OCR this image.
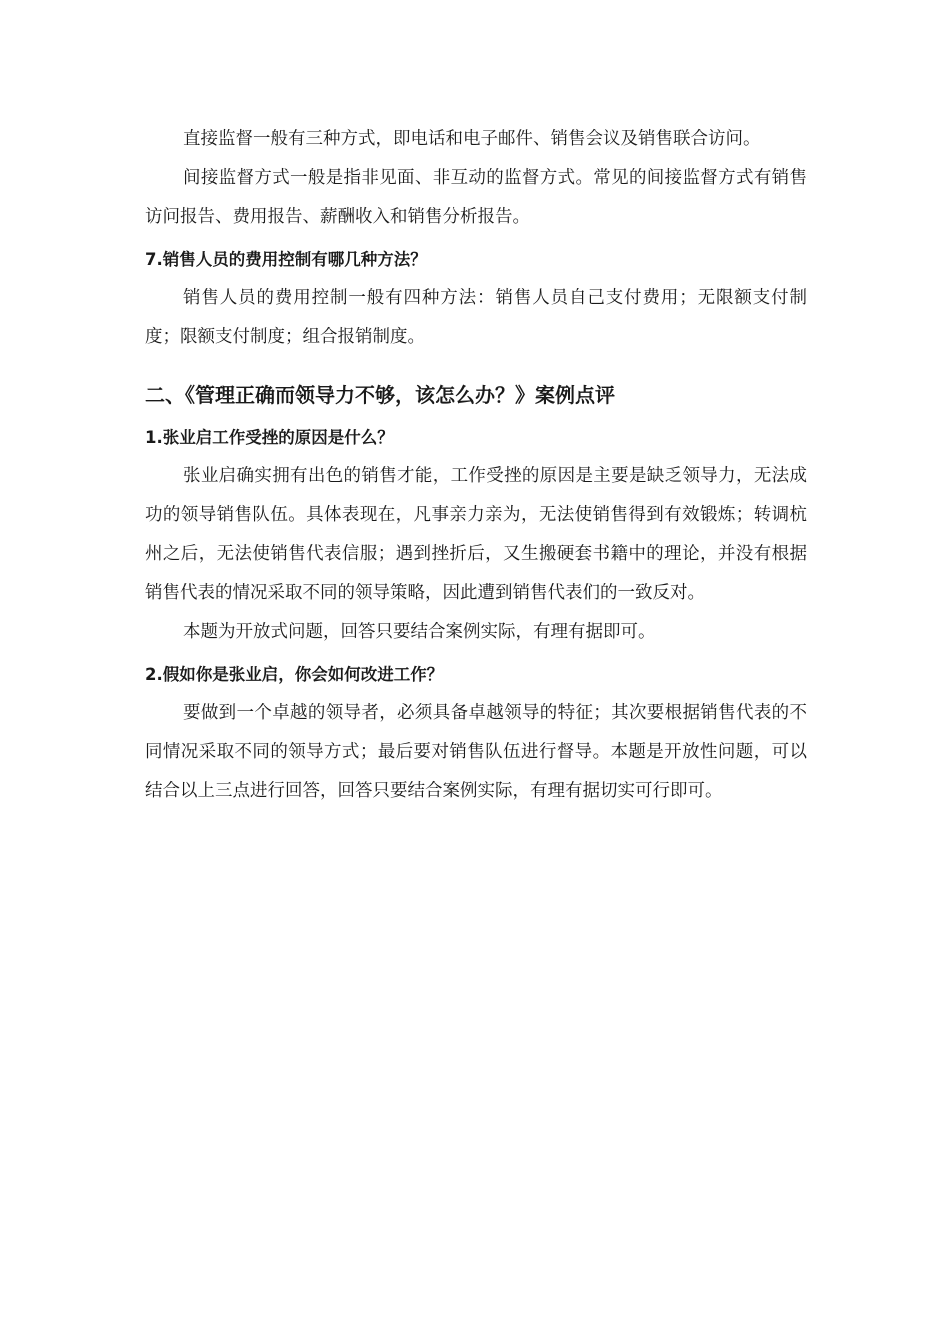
直接监督一般有三种方式，即电话和电子邮件、销售会议及销售联合访问。

间接监督方式一般是指非见面、非互动的监督方式。常见的间接监督方式有销售访问报告、费用报告、薪酬收入和销售分析报告。

7.销售人员的费用控制有哪几种方法？

销售人员的费用控制一般有四种方法：销售人员自己支付费用；无限额支付制度；限额支付制度；组合报销制度。

二、《管理正确而领导力不够，该怎么办？》案例点评

1.张业启工作受挫的原因是什么？

张业启确实拥有出色的销售才能，工作受挫的原因是主要是缺乏领导力，无法成功的领导销售队伍。具体表现在，凡事亲力亲为，无法使销售得到有效锻炼；转调杭州之后，无法使销售代表信服；遇到挫折后，又生搬硬套书籍中的理论，并没有根据销售代表的情况采取不同的领导策略，因此遭到销售代表们的一致反对。

本题为开放式问题，回答只要结合案例实际，有理有据即可。

2.假如你是张业启，你会如何改进工作？

要做到一个卓越的领导者，必须具备卓越领导的特征；其次要根据销售代表的不同情况采取不同的领导方式；最后要对销售队伍进行督导。本题是开放性问题，可以结合以上三点进行回答，回答只要结合案例实际，有理有据切实可行即可。
